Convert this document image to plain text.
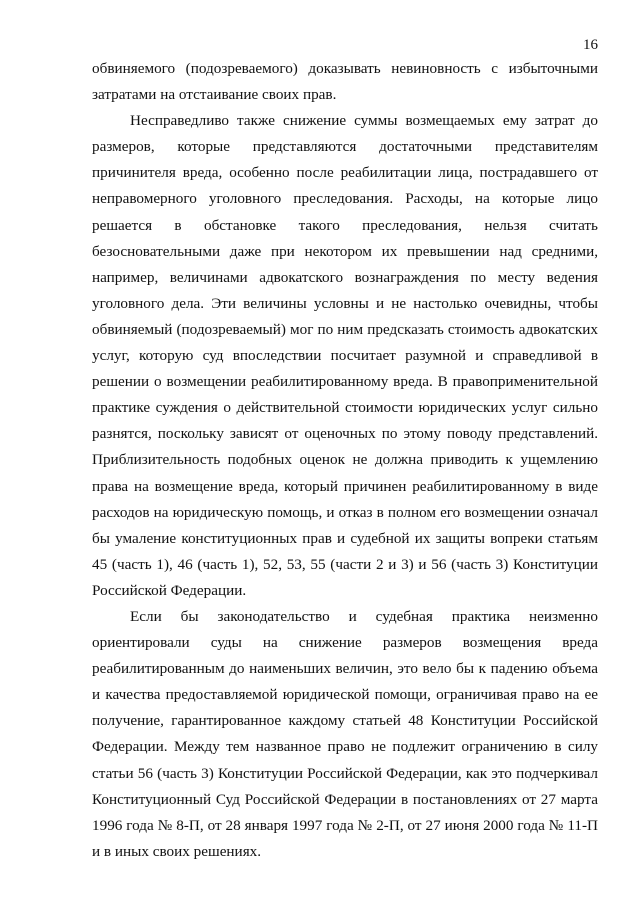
16
обвиняемого (подозреваемого) доказывать невиновность с избыточными
затратами на отстаивание своих прав.
Несправедливо также снижение суммы возмещаемых ему затрат до
размеров, которые представляются достаточными представителям
причинителя вреда, особенно после реабилитации лица, пострадавшего от
неправомерного уголовного преследования. Расходы, на которые лицо
решается в обстановке такого преследования, нельзя считать
безосновательными даже при некотором их превышении над средними,
например, величинами адвокатского вознаграждения по месту ведения
уголовного дела. Эти величины условны и не настолько очевидны, чтобы
обвиняемый (подозреваемый) мог по ним предсказать стоимость адвокатских
услуг, которую суд впоследствии посчитает разумной и справедливой в
решении о возмещении реабилитированному вреда. В правоприменительной
практике суждения о действительной стоимости юридических услуг сильно
разнятся, поскольку зависят от оценочных по этому поводу представлений.
Приблизительность подобных оценок не должна приводить к ущемлению
права на возмещение вреда, который причинен реабилитированному в виде
расходов на юридическую помощь, и отказ в полном его возмещении означал
бы умаление конституционных прав и судебной их защиты вопреки статьям
45 (часть 1), 46 (часть 1), 52, 53, 55 (части 2 и 3) и 56 (часть 3) Конституции
Российской Федерации.
Если бы законодательство и судебная практика неизменно
ориентировали суды на снижение размеров возмещения вреда
реабилитированным до наименьших величин, это вело бы к падению объема
и качества предоставляемой юридической помощи, ограничивая право на ее
получение, гарантированное каждому статьей 48 Конституции Российской
Федерации. Между тем названное право не подлежит ограничению в силу
статьи 56 (часть 3) Конституции Российской Федерации, как это подчеркивал
Конституционный Суд Российской Федерации в постановлениях от 27 марта
1996 года № 8-П, от 28 января 1997 года № 2-П, от 27 июня 2000 года № 11-П
и в иных своих решениях.
